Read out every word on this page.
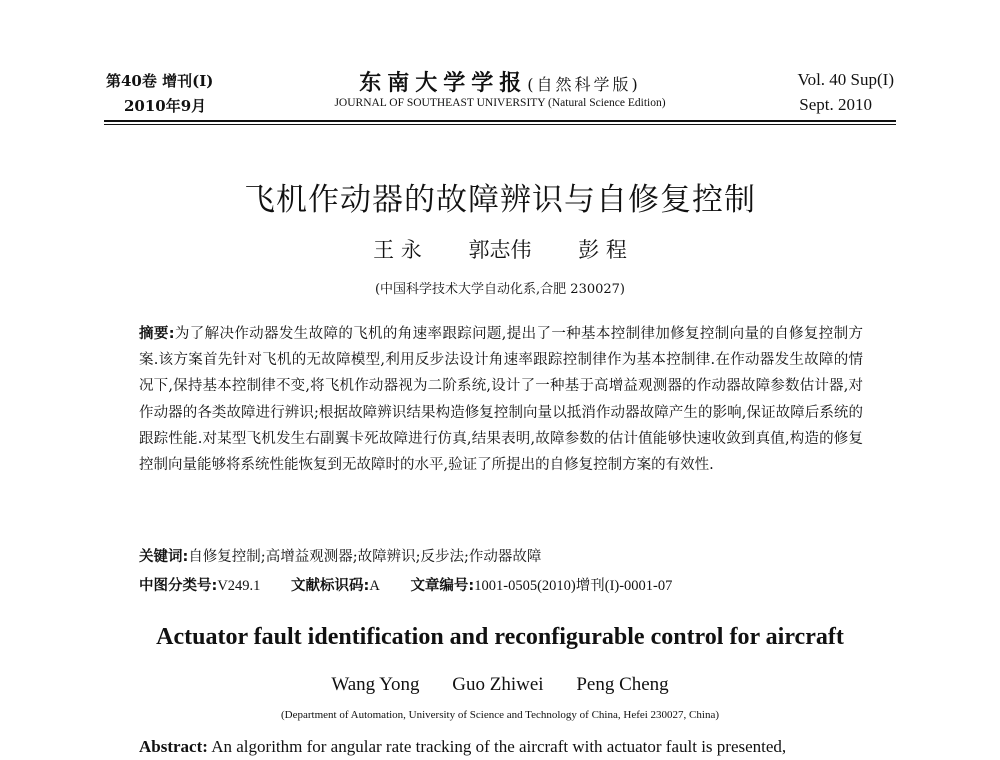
第40卷 增刊(I)
2010年9月
东南大学学报(自然科学版)
JOURNAL OF SOUTHEAST UNIVERSITY (Natural Science Edition)
Vol. 40 Sup(I)
Sept. 2010
飞机作动器的故障辨识与自修复控制
王 永 郭志伟 彭 程
(中国科学技术大学自动化系,合肥 230027)
摘要:为了解决作动器发生故障的飞机的角速率跟踪问题,提出了一种基本控制律加修复控制向量的自修复控制方案.该方案首先针对飞机的无故障模型,利用反步法设计角速率跟踪控制律作为基本控制律.在作动器发生故障的情况下,保持基本控制律不变,将飞机作动器视为二阶系统,设计了一种基于高增益观测器的作动器故障参数估计器,对作动器的各类故障进行辨识;根据故障辨识结果构造修复控制向量以抵消作动器故障产生的影响,保证故障后系统的跟踪性能.对某型飞机发生右副翼卡死故障进行仿真,结果表明,故障参数的估计值能够快速收敛到真值,构造的修复控制向量能够将系统性能恢复到无故障时的水平,验证了所提出的自修复控制方案的有效性.
关键词:自修复控制;高增益观测器;故障辨识;反步法;作动器故障
中图分类号:V249.1 文献标识码:A 文章编号:1001-0505(2010)增刊(I)-0001-07
Actuator fault identification and reconfigurable control for aircraft
Wang Yong Guo Zhiwei Peng Cheng
(Department of Automation, University of Science and Technology of China, Hefei 230027, China)
Abstract: An algorithm for angular rate tracking of the aircraft with actuator fault is presented,
